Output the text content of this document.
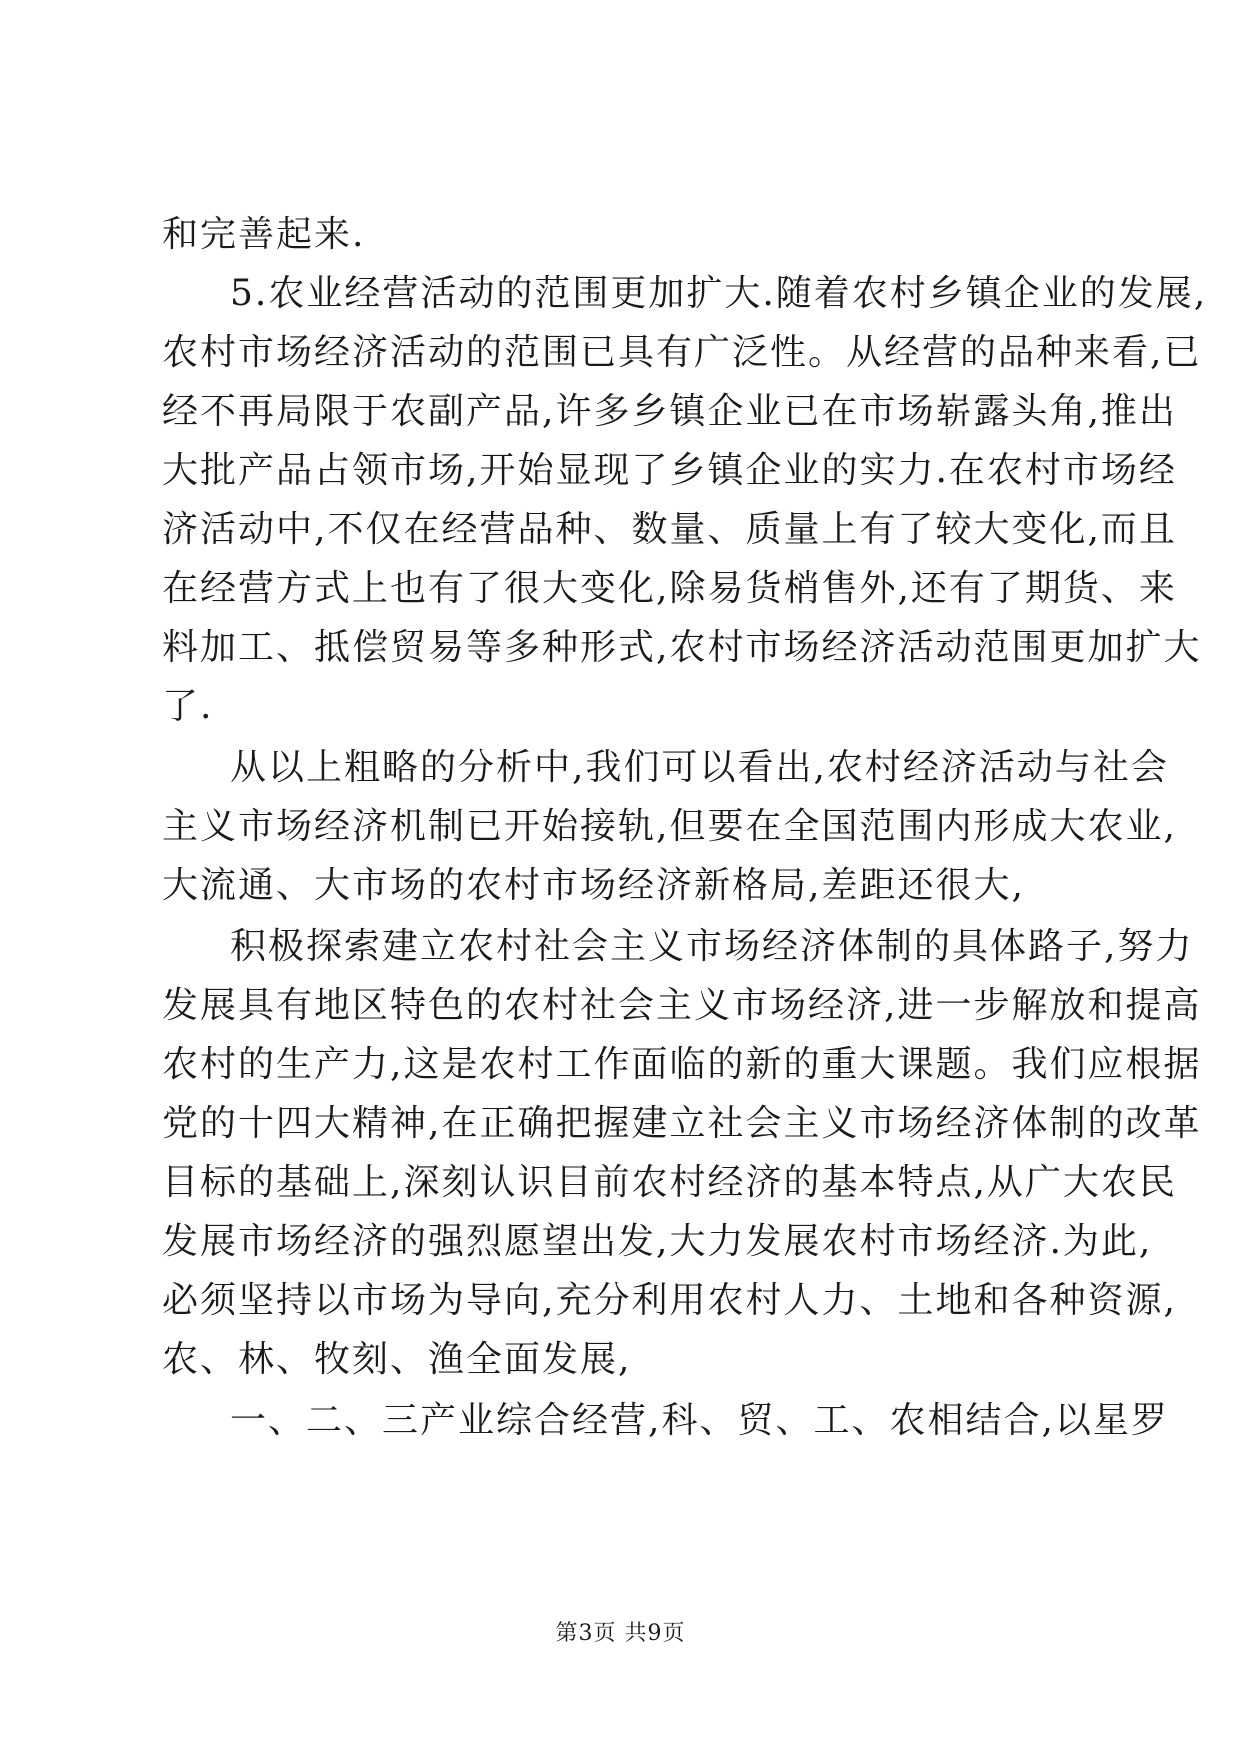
和完善起来.
5.农业经营活动的范围更加扩大.随着农村乡镇企业的发展,
农村市场经济活动的范围已具有广泛性。从经营的品种来看,已
经不再局限于农副产品,许多乡镇企业已在市场崭露头角,推出
大批产品占领市场,开始显现了乡镇企业的实力.在农村市场经
济活动中,不仅在经营品种、数量、质量上有了较大变化,而且
在经营方式上也有了很大变化,除易货梢售外,还有了期货、来
料加工、抵偿贸易等多种形式,农村市场经济活动范围更加扩大
了.
从以上粗略的分析中,我们可以看出,农村经济活动与社会
主义市场经济机制已开始接轨,但要在全国范围内形成大农业,
大流通、大市场的农村市场经济新格局,差距还很大,
积极探索建立农村社会主义市场经济体制的具体路子,努力
发展具有地区特色的农村社会主义市场经济,进一步解放和提高
农村的生产力,这是农村工作面临的新的重大课题。我们应根据
党的十四大精神,在正确把握建立社会主义市场经济体制的改革
目标的基础上,深刻认识目前农村经济的基本特点,从广大农民
发展市场经济的强烈愿望出发,大力发展农村市场经济.为此,
必须坚持以市场为导向,充分利用农村人力、土地和各种资源,
农、林、牧刻、渔全面发展,
一、二、三产业综合经营,科、贸、工、农相结合,以星罗
第3页 共9页
